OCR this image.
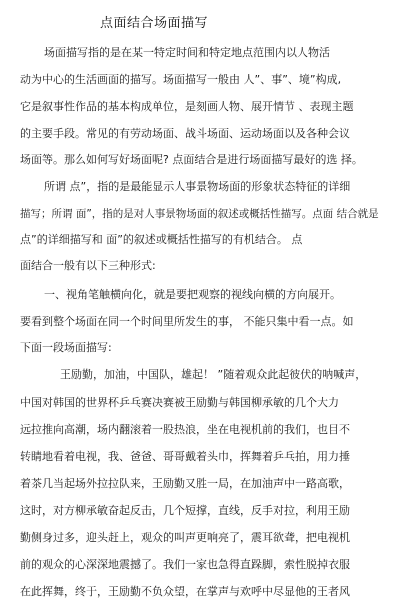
点面结合场面描写
场面描写指的是在某一特定时间和特定地点范围内以人物活
动为中心的生活画面的描写。场面描写一般由 人”、事”、境”构成,
它是叙事性作品的基本构成单位，是刻画人物、展开情节 、表现主题
的主要手段。常见的有劳动场面、战斗场面、运动场面以及各种会议
场面等。那么如何写好场面呢? 点面结合是进行场面描写最好的选 择。
所谓 点”，指的是最能显示人事景物场面的形象状态特征的详细
描写；所谓 面”，指的是对人事景物场面的叙述或概括性描写。点面 结合就是
点”的详细描写和 面”的叙述或概括性描写的有机结合。 点
面结合一般有以下三种形式:
一、视角笔触横向化，就是要把观察的视线向横的方向展开。
要看到整个场面在同一个时间里所发生的事， 不能只集中看一点。如
下面一段场面描写:
王励勤，加油，中国队，雄起！ ”随着观众此起彼伏的呐喊声，
中国对韩国的世界杯乒乓赛决赛被王励勤与韩国柳承敏的几个大力
远拉推向高潮，场内翻滚着一股热浪，坐在电视机前的我们，也目不
转睛地看着电视，我、爸爸、哥哥戴着头巾，挥舞着乒乓拍，用力捶
着茶几当起场外拉拉队来，王励勤又胜一局，在加油声中一路高歌，
这时，对方柳承敏奋起反击，几个短撑，直线，反手对拉，利用王励
勤侧身过多，迎头赶上，观众的叫声更响亮了，震耳欲聋，把电视机
前的观众的心深深地震撼了。我们一家也急得直跺脚，索性脱掉衣服
在此挥舞，终于，王励勤不负众望，在掌声与欢呼中尽显他的王者风
